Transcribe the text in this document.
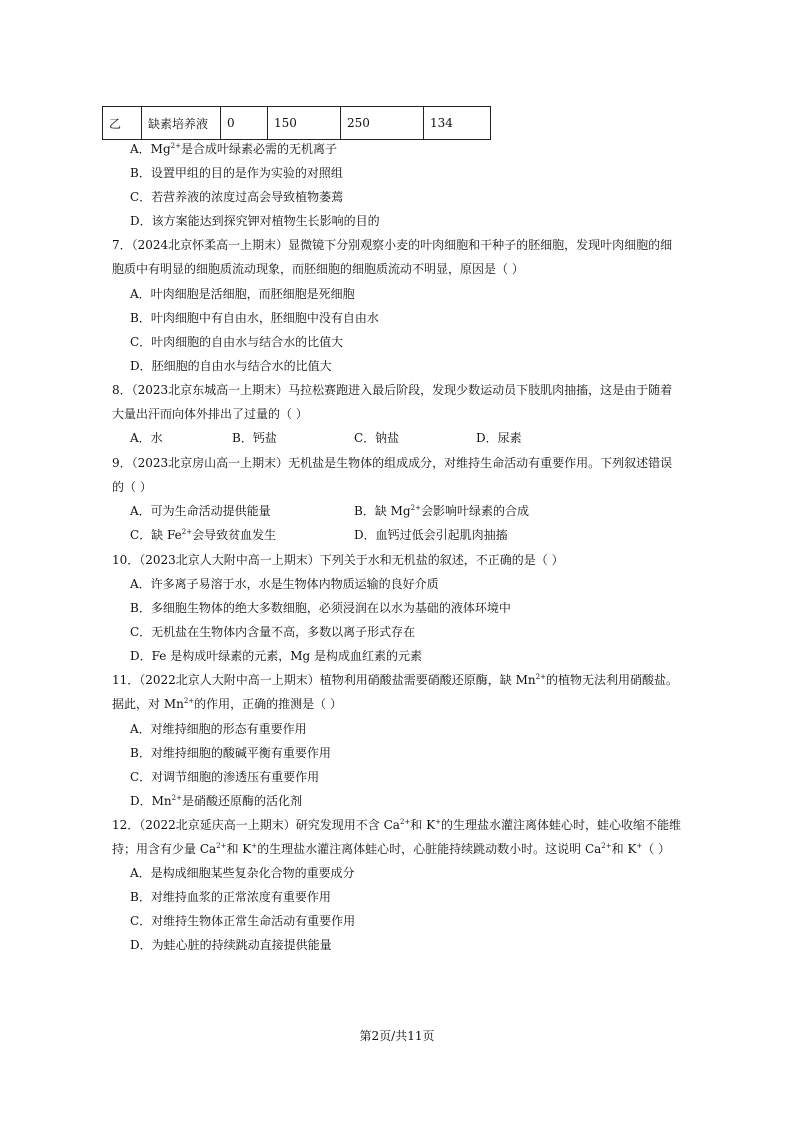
乙	缺素培养液	0	150	250	134
A．$Mg^{2+}$是合成叶绿素必需的无机离子
B．设置甲组的目的是作为实验的对照组
C．若营养液的浓度过高会导致植物萎蔫
D．该方案能达到探究钾对植物生长影响的目的
7．（2024北京怀柔高一上期末）显微镜下分别观察小麦的叶肉细胞和干种子的胚细胞，发现叶肉细胞的细
胞质中有明显的细胞质流动现象，而胚细胞的细胞质流动不明显，原因是（ ）
A．叶肉细胞是活细胞，而胚细胞是死细胞
B．叶肉细胞中有自由水，胚细胞中没有自由水
C．叶肉细胞的自由水与结合水的比值大
D．胚细胞的自由水与结合水的比值大
8．（2023北京东城高一上期末）马拉松赛跑进入最后阶段，发现少数运动员下肢肌肉抽搐，这是由于随着
大量出汗而向体外排出了过量的（ ）
A．水	B．钙盐	C．钠盐	D．尿素
9．（2023北京房山高一上期末）无机盐是生物体的组成成分，对维持生命活动有重要作用。下列叙述错误
的（ ）
A．可为生命活动提供能量	B．缺 $Mg^{2+}$会影响叶绿素的合成
C．缺 $Fe^{2+}$会导致贫血发生	D．血钙过低会引起肌肉抽搐
10．（2023北京人大附中高一上期末）下列关于水和无机盐的叙述，不正确的是（ ）
A．许多离子易溶于水，水是生物体内物质运输的良好介质
B．多细胞生物体的绝大多数细胞，必须浸润在以水为基础的液体环境中
C．无机盐在生物体内含量不高，多数以离子形式存在
D．Fe 是构成叶绿素的元素，Mg 是构成血红素的元素
11．（2022北京人大附中高一上期末）植物利用硝酸盐需要硝酸还原酶，缺 $Mn^{2+}$的植物无法利用硝酸盐。
据此，对 $Mn^{2+}$的作用，正确的推测是（ ）
A．对维持细胞的形态有重要作用
B．对维持细胞的酸碱平衡有重要作用
C．对调节细胞的渗透压有重要作用
D．$Mn^{2+}$是硝酸还原酶的活化剂
12．（2022北京延庆高一上期末）研究发现用不含 $Ca^{2+}$和 K+的生理盐水灌注离体蛙心时，蛙心收缩不能维
持；用含有少量 $Ca^{2+}$和 K+的生理盐水灌注离体蛙心时，心脏能持续跳动数小时。这说明 $Ca^{2+}$和 K+（ ）
A．是构成细胞某些复杂化合物的重要成分
B．对维持血浆的正常浓度有重要作用
C．对维持生物体正常生命活动有重要作用
D．为蛙心脏的持续跳动直接提供能量
第2页/共11页
